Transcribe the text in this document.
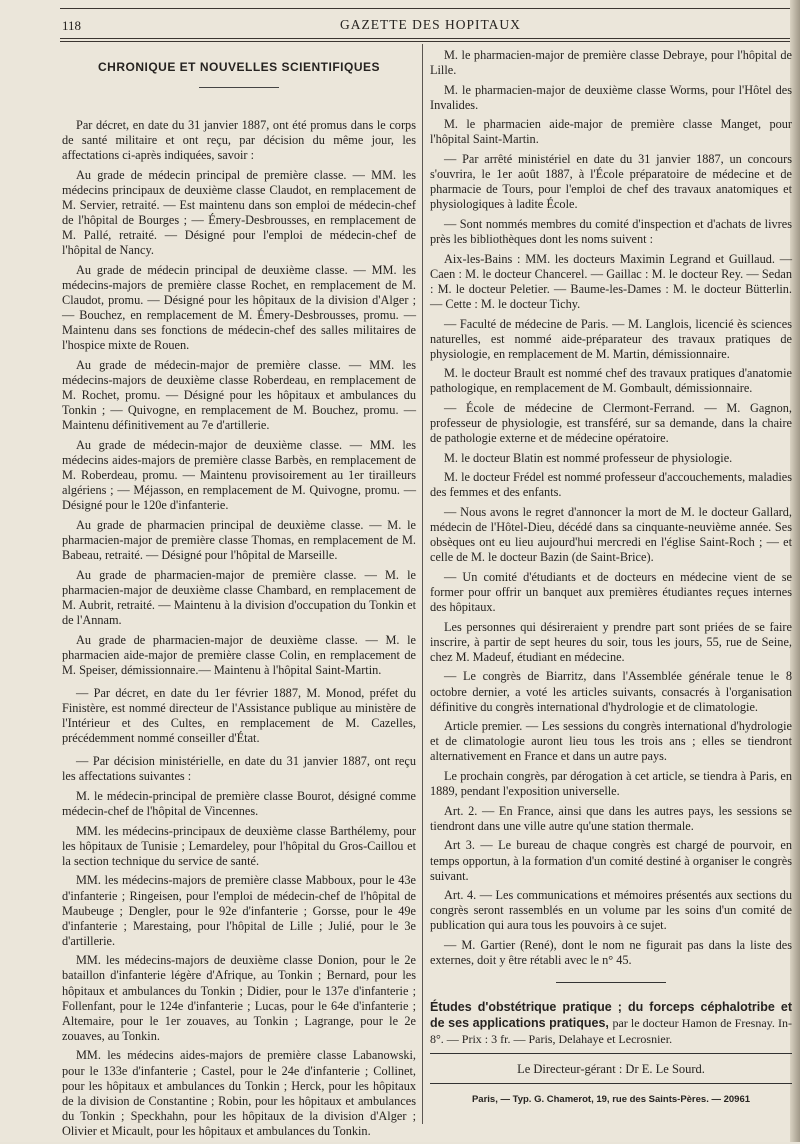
118	GAZETTE DES HOPITAUX
CHRONIQUE ET NOUVELLES SCIENTIFIQUES

Par décret, en date du 31 janvier 1887, ont été promus dans le corps de santé militaire et ont reçu, par décision du même jour, les affectations ci-après indiquées, savoir :

Au grade de médecin principal de première classe. — MM. les médecins principaux de deuxième classe Claudot, en remplacement de M. Servier, retraité. — Est maintenu dans son emploi de médecin-chef de l'hôpital de Bourges ; — Émery-Desbrousses, en remplacement de M. Pallé, retraité. — Désigné pour l'emploi de médecin-chef de l'hôpital de Nancy.

Au grade de médecin principal de deuxième classe. — MM. les médecins-majors de première classe Rochet, en remplacement de M. Claudot, promu. — Désigné pour les hôpitaux de la division d'Alger ; — Bouchez, en remplacement de M. Émery-Desbrousses, promu. — Maintenu dans ses fonctions de médecin-chef des salles militaires de l'hospice mixte de Rouen.

Au grade de médecin-major de première classe. — MM. les médecins-majors de deuxième classe Roberdeau, en remplacement de M. Rochet, promu. — Désigné pour les hôpitaux et ambulances du Tonkin ; — Quivogne, en remplacement de M. Bouchez, promu. — Maintenu définitivement au 7e d'artillerie.

Au grade de médecin-major de deuxième classe. — MM. les médecins aides-majors de première classe Barbès, en remplacement de M. Roberdeau, promu. — Maintenu provisoirement au 1er tirailleurs algériens ; — Méjasson, en remplacement de M. Quivogne, promu. — Désigné pour le 120e d'infanterie.

Au grade de pharmacien principal de deuxième classe. — M. le pharmacien-major de première classe Thomas, en remplacement de M. Babeau, retraité. — Désigné pour l'hôpital de Marseille.

Au grade de pharmacien-major de première classe. — M. le pharmacien-major de deuxième classe Chambard, en remplacement de M. Aubrit, retraité. — Maintenu à la division d'occupation du Tonkin et de l'Annam.

Au grade de pharmacien-major de deuxième classe. — M. le pharmacien aide-major de première classe Colin, en remplacement de M. Speiser, démissionnaire.— Maintenu à l'hôpital Saint-Martin.

— Par décret, en date du 1er février 1887, M. Monod, préfet du Finistère, est nommé directeur de l'Assistance publique au ministère de l'Intérieur et des Cultes, en remplacement de M. Cazelles, précédemment nommé conseiller d'État.

— Par décision ministérielle, en date du 31 janvier 1887, ont reçu les affectations suivantes :

M. le médecin-principal de première classe Bourot, désigné comme médecin-chef de l'hôpital de Vincennes.

MM. les médecins-principaux de deuxième classe Barthélemy, pour les hôpitaux de Tunisie ; Lemardeley, pour l'hôpital du Gros-Caillou et la section technique du service de santé.

MM. les médecins-majors de première classe Mabboux, pour le 43e d'infanterie ; Ringeisen, pour l'emploi de médecin-chef de l'hôpital de Maubeuge ; Dengler, pour le 92e d'infanterie ; Gorsse, pour le 49e d'infanterie ; Marestaing, pour l'hôpital de Lille ; Julié, pour le 3e d'artillerie.

MM. les médecins-majors de deuxième classe Donion, pour le 2e bataillon d'infanterie légère d'Afrique, au Tonkin ; Bernard, pour les hôpitaux et ambulances du Tonkin ; Didier, pour le 137e d'infanterie ; Follenfant, pour le 124e d'infanterie ; Lucas, pour le 64e d'infanterie ; Altemaire, pour le 1er zouaves, au Tonkin ; Lagrange, pour le 2e zouaves, au Tonkin.

MM. les médecins aides-majors de première classe Labanowski, pour le 133e d'infanterie ; Castel, pour le 24e d'infanterie ; Collinet, pour les hôpitaux et ambulances du Tonkin ; Herck, pour les hôpitaux de la division de Constantine ; Robin, pour les hôpitaux et ambulances du Tonkin ; Speckhahn, pour les hôpitaux de la division d'Alger ; Olivier et Micault, pour les hôpitaux et ambulances du Tonkin.

M. le pharmacien-major de première classe Debraye, pour l'hôpital de Lille.

M. le pharmacien-major de deuxième classe Worms, pour l'Hôtel des Invalides.

M. le pharmacien aide-major de première classe Manget, pour l'hôpital Saint-Martin.

— Par arrêté ministériel en date du 31 janvier 1887, un concours s'ouvrira, le 1er août 1887, à l'École préparatoire de médecine et de pharmacie de Tours, pour l'emploi de chef des travaux anatomiques et physiologiques à ladite École.

— Sont nommés membres du comité d'inspection et d'achats de livres près les bibliothèques dont les noms suivent :

Aix-les-Bains : MM. les docteurs Maximin Legrand et Guillaud. — Caen : M. le docteur Chancerel. — Gaillac : M. le docteur Rey. — Sedan : M. le docteur Peletier. — Baume-les-Dames : M. le docteur Bütterlin. — Cette : M. le docteur Tichy.

— Faculté de médecine de Paris. — M. Langlois, licencié ès sciences naturelles, est nommé aide-préparateur des travaux pratiques de physiologie, en remplacement de M. Martin, démissionnaire.

M. le docteur Brault est nommé chef des travaux pratiques d'anatomie pathologique, en remplacement de M. Gombault, démissionnaire.

— École de médecine de Clermont-Ferrand. — M. Gagnon, professeur de physiologie, est transféré, sur sa demande, dans la chaire de pathologie externe et de médecine opératoire.

M. le docteur Blatin est nommé professeur de physiologie.

M. le docteur Frédel est nommé professeur d'accouchements, maladies des femmes et des enfants.

— Nous avons le regret d'annoncer la mort de M. le docteur Gallard, médecin de l'Hôtel-Dieu, décédé dans sa cinquante-neuvième année. Ses obsèques ont eu lieu aujourd'hui mercredi en l'église Saint-Roch ; — et celle de M. le docteur Bazin (de Saint-Brice).

— Un comité d'étudiants et de docteurs en médecine vient de se former pour offrir un banquet aux premières étudiantes reçues internes des hôpitaux.

Les personnes qui désireraient y prendre part sont priées de se faire inscrire, à partir de sept heures du soir, tous les jours, 55, rue de Seine, chez M. Madeuf, étudiant en médecine.

— Le congrès de Biarritz, dans l'Assemblée générale tenue le 8 octobre dernier, a voté les articles suivants, consacrés à l'organisation définitive du congrès international d'hydrologie et de climatologie.

Article premier. — Les sessions du congrès international d'hydrologie et de climatologie auront lieu tous les trois ans ; elles se tiendront alternativement en France et dans un autre pays.

Le prochain congrès, par dérogation à cet article, se tiendra à Paris, en 1889, pendant l'exposition universelle.

Art. 2. — En France, ainsi que dans les autres pays, les sessions se tiendront dans une ville autre qu'une station thermale.

Art 3. — Le bureau de chaque congrès est chargé de pourvoir, en temps opportun, à la formation d'un comité destiné à organiser le congrès suivant.

Art. 4. — Les communications et mémoires présentés aux sections du congrès seront rassemblés en un volume par les soins d'un comité de publication qui aura tous les pouvoirs à ce sujet.

— M. Gartier (René), dont le nom ne figurait pas dans la liste des externes, doit y être rétabli avec le n° 45.

Études d'obstétrique pratique ; du forceps céphalotribe et de ses applications pratiques, par le docteur Hamon de Fresnay. In-8°. — Prix : 3 fr. — Paris, Delahaye et Lecrosnier.

Le Directeur-gérant : Dr E. Le Sourd.

Paris, — Typ. G. Chamerot, 19, rue des Saints-Pères. — 20961
